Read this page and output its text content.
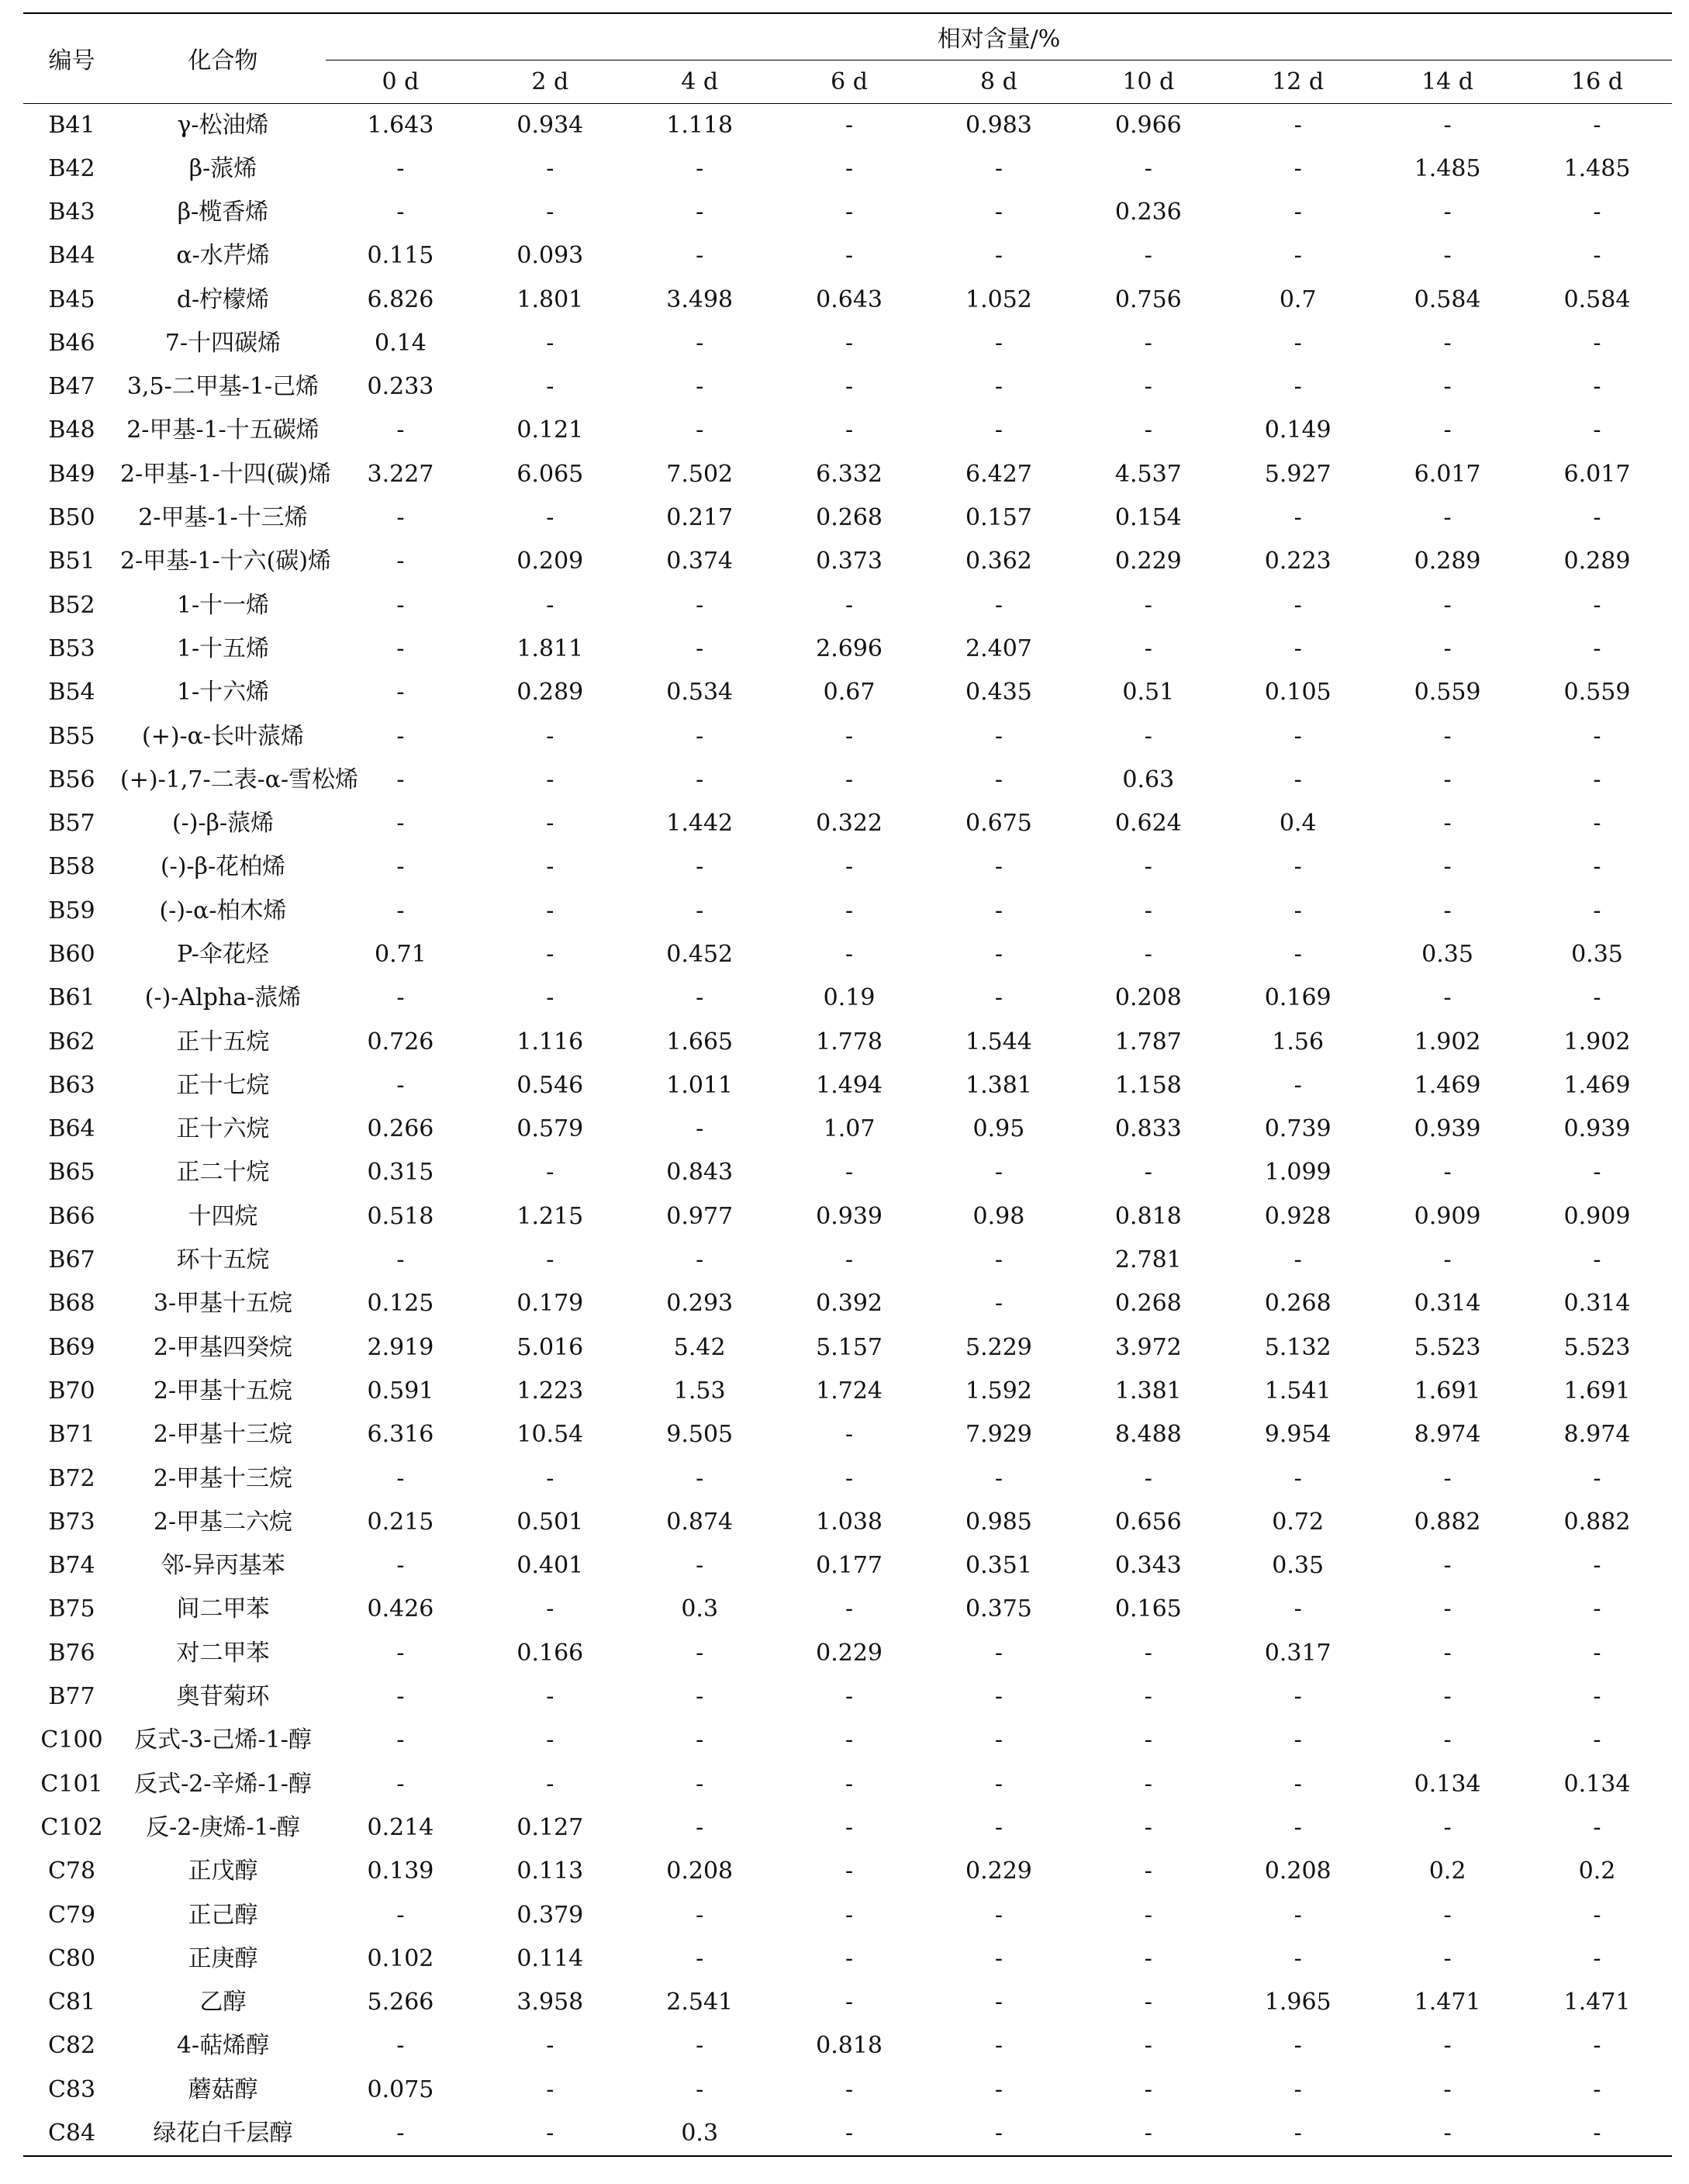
编号	化合物	相对含量/%								
		0 d	2 d	4 d	6 d	8 d	10 d	12 d	14 d	16 d
B41	γ-松油烯	1.643	0.934	1.118	-	0.983	0.966	-	-	-
B42	β-蒎烯	-	-	-	-	-	-	-	1.485	1.485
B43	β-榄香烯	-	-	-	-	-	0.236	-	-	-
B44	α-水芹烯	0.115	0.093	-	-	-	-	-	-	-
B45	d-柠檬烯	6.826	1.801	3.498	0.643	1.052	0.756	0.7	0.584	0.584
B46	7-十四碳烯	0.14	-	-	-	-	-	-	-	-
B47	3,5-二甲基-1-己烯	0.233	-	-	-	-	-	-	-	-
B48	2-甲基-1-十五碳烯	-	0.121	-	-	-	-	0.149	-	-
B49	2-甲基-1-十四(碳)烯	3.227	6.065	7.502	6.332	6.427	4.537	5.927	6.017	6.017
B50	2-甲基-1-十三烯	-	-	0.217	0.268	0.157	0.154	-	-	-
B51	2-甲基-1-十六(碳)烯	-	0.209	0.374	0.373	0.362	0.229	0.223	0.289	0.289
B52	1-十一烯	-	-	-	-	-	-	-	-	-
B53	1-十五烯	-	1.811	-	2.696	2.407	-	-	-	-
B54	1-十六烯	-	0.289	0.534	0.67	0.435	0.51	0.105	0.559	0.559
B55	(+)-α-长叶蒎烯	-	-	-	-	-	-	-	-	-
B56	(+)-1,7-二表-α-雪松烯	-	-	-	-	-	0.63	-	-	-
B57	(-)-β-蒎烯	-	-	1.442	0.322	0.675	0.624	0.4	-	-
B58	(-)-β-花柏烯	-	-	-	-	-	-	-	-	-
B59	(-)-α-柏木烯	-	-	-	-	-	-	-	-	-
B60	P-伞花烃	0.71	-	0.452	-	-	-	-	0.35	0.35
B61	(-)-Alpha-蒎烯	-	-	-	0.19	-	0.208	0.169	-	-
B62	正十五烷	0.726	1.116	1.665	1.778	1.544	1.787	1.56	1.902	1.902
B63	正十七烷	-	0.546	1.011	1.494	1.381	1.158	-	1.469	1.469
B64	正十六烷	0.266	0.579	-	1.07	0.95	0.833	0.739	0.939	0.939
B65	正二十烷	0.315	-	0.843	-	-	-	1.099	-	-
B66	十四烷	0.518	1.215	0.977	0.939	0.98	0.818	0.928	0.909	0.909
B67	环十五烷	-	-	-	-	-	2.781	-	-	-
B68	3-甲基十五烷	0.125	0.179	0.293	0.392	-	0.268	0.268	0.314	0.314
B69	2-甲基四癸烷	2.919	5.016	5.42	5.157	5.229	3.972	5.132	5.523	5.523
B70	2-甲基十五烷	0.591	1.223	1.53	1.724	1.592	1.381	1.541	1.691	1.691
B71	2-甲基十三烷	6.316	10.54	9.505	-	7.929	8.488	9.954	8.974	8.974
B72	2-甲基十三烷	-	-	-	-	-	-	-	-	-
B73	2-甲基二六烷	0.215	0.501	0.874	1.038	0.985	0.656	0.72	0.882	0.882
B74	邻-异丙基苯	-	0.401	-	0.177	0.351	0.343	0.35	-	-
B75	间二甲苯	0.426	-	0.3	-	0.375	0.165	-	-	-
B76	对二甲苯	-	0.166	-	0.229	-	-	0.317	-	-
B77	奥苷菊环	-	-	-	-	-	-	-	-	-
C100	反式-3-己烯-1-醇	-	-	-	-	-	-	-	-	-
C101	反式-2-辛烯-1-醇	-	-	-	-	-	-	-	0.134	0.134
C102	反-2-庚烯-1-醇	0.214	0.127	-	-	-	-	-	-	-
C78	正戊醇	0.139	0.113	0.208	-	0.229	-	0.208	0.2	0.2
C79	正己醇	-	0.379	-	-	-	-	-	-	-
C80	正庚醇	0.102	0.114	-	-	-	-	-	-	-
C81	乙醇	5.266	3.958	2.541	-	-	-	1.965	1.471	1.471
C82	4-萜烯醇	-	-	-	0.818	-	-	-	-	-
C83	蘑菇醇	0.075	-	-	-	-	-	-	-	-
C84	绿花白千层醇	-	-	0.3	-	-	-	-	-	-
